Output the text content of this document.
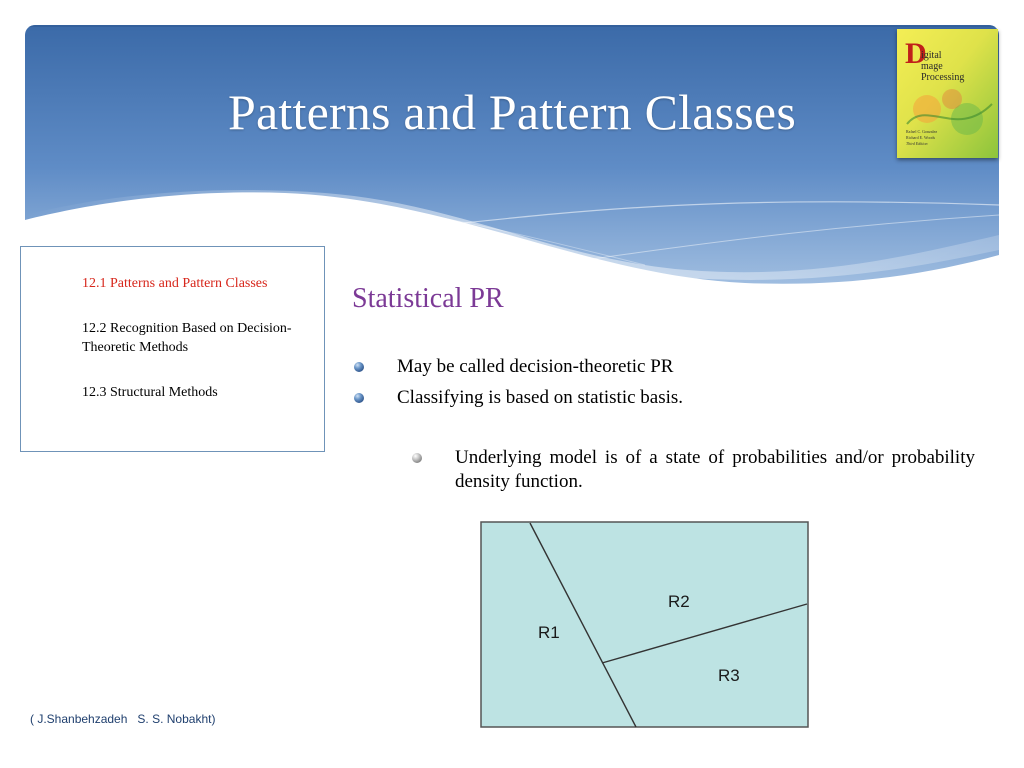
Patterns and Pattern Classes
D
igital
mage
Processing
Rafael C. Gonzalez
Richard E. Woods
Third Edition
12.1 Patterns and Pattern Classes
12.2 Recognition Based on Decision-Theoretic Methods
12.3 Structural Methods
Statistical PR
May be called decision-theoretic PR
Classifying is based on statistic basis.
Underlying model is of a state of probabilities and/or probability density function.
R1
R2
R3
( J.Shanbehzadeh   S. S. Nobakht)
